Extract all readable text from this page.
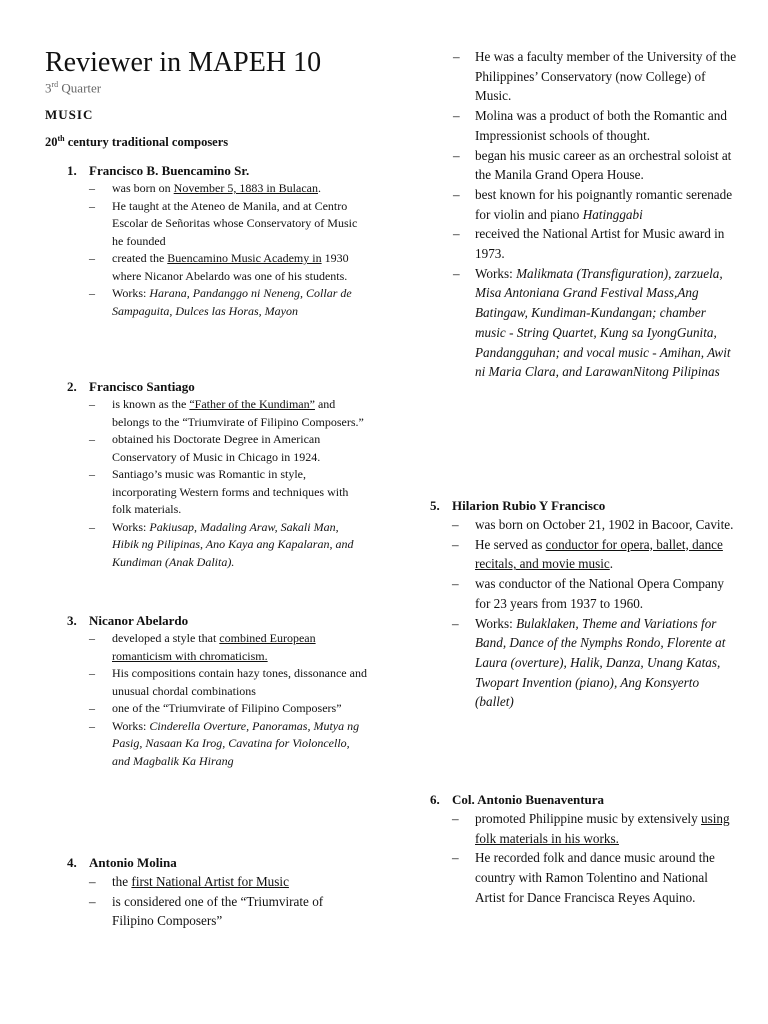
Reviewer in MAPEH 10
3rd Quarter
MUSIC
20th century traditional composers
1. Francisco B. Buencamino Sr.
– was born on November 5, 1883 in Bulacan.
– He taught at the Ateneo de Manila, and at Centro Escolar de Señoritas whose Conservatory of Music he founded
– created the Buencamino Music Academy in 1930 where Nicanor Abelardo was one of his students.
– Works: Harana, Pandanggo ni Neneng, Collar de Sampaguita, Dulces las Horas, Mayon
2. Francisco Santiago
– is known as the “Father of the Kundiman” and belongs to the “Triumvirate of Filipino Composers.”
– obtained his Doctorate Degree in American Conservatory of Music in Chicago in 1924.
– Santiago’s music was Romantic in style, incorporating Western forms and techniques with folk materials.
– Works: Pakiusap, Madaling Araw, Sakali Man, Hibik ng Pilipinas, Ano Kaya ang Kapalaran, and Kundiman (Anak Dalita).
3. Nicanor Abelardo
– developed a style that combined European romanticism with chromaticism.
– His compositions contain hazy tones, dissonance and unusual chordal combinations
– one of the “Triumvirate of Filipino Composers”
– Works: Cinderella Overture, Panoramas, Mutya ng Pasig, Nasaan Ka Irog, Cavatina for Violoncello, and Magbalik Ka Hirang
4. Antonio Molina
– the first National Artist for Music
– is considered one of the “Triumvirate of Filipino Composers”
– He was a faculty member of the University of the Philippines’ Conservatory (now College) of Music.
– Molina was a product of both the Romantic and Impressionist schools of thought.
– began his music career as an orchestral soloist at the Manila Grand Opera House.
– best known for his poignantly romantic serenade for violin and piano Hatinggabi
– received the National Artist for Music award in 1973.
– Works: Malikmata (Transfiguration), zarzuela, Misa Antoniana Grand Festival Mass,Ang Batingaw, Kundiman-Kundangan; chamber music - String Quartet, Kung sa IyongGunita, Pandangguhan; and vocal music - Amihan, Awit ni Maria Clara, and LarawanNitong Pilipinas
5. Hilarion Rubio Y Francisco
– was born on October 21, 1902 in Bacoor, Cavite.
– He served as conductor for opera, ballet, dance recitals, and movie music.
– was conductor of the National Opera Company for 23 years from 1937 to 1960.
– Works: Bulaklaken, Theme and Variations for Band, Dance of the Nymphs Rondo, Florente at Laura (overture), Halik, Danza, Unang Katas, Twopart Invention (piano), Ang Konsyerto (ballet)
6. Col. Antonio Buenaventura
– promoted Philippine music by extensively using folk materials in his works.
– He recorded folk and dance music around the country with Ramon Tolentino and National Artist for Dance Francisca Reyes Aquino.
